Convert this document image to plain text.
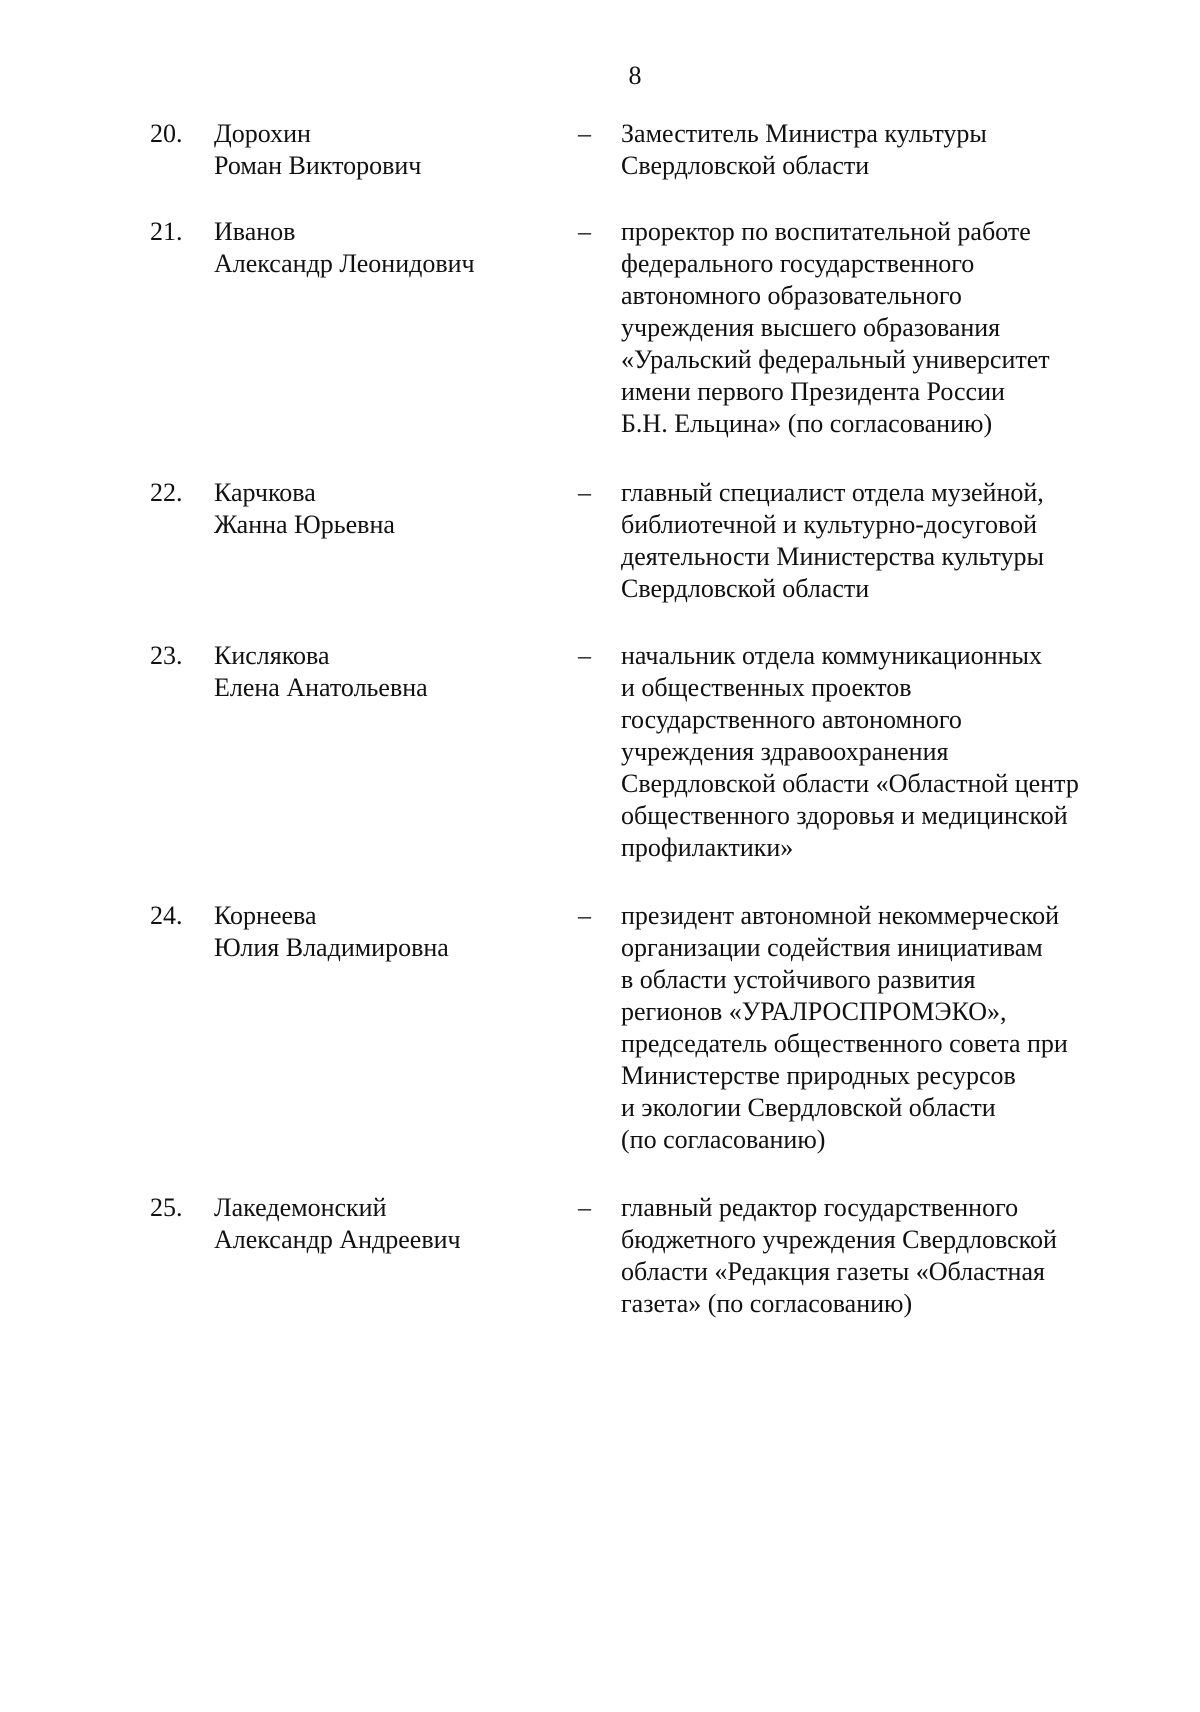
8
20. Дорохин
Роман Викторович
– Заместитель Министра культуры
Свердловской области
21. Иванов
Александр Леонидович
– проректор по воспитательной работе
федерального государственного
автономного образовательного
учреждения высшего образования
«Уральский федеральный университет
имени первого Президента России
Б.Н. Ельцина» (по согласованию)
22. Карчкова
Жанна Юрьевна
– главный специалист отдела музейной,
библиотечной и культурно-досуговой
деятельности Министерства культуры
Свердловской области
23. Кислякова
Елена Анатольевна
– начальник отдела коммуникационных
и общественных проектов
государственного автономного
учреждения здравоохранения
Свердловской области «Областной центр
общественного здоровья и медицинской
профилактики»
24. Корнеева
Юлия Владимировна
– президент автономной некоммерческой
организации содействия инициативам
в области устойчивого развития
регионов «УРАЛРОСПРОМЭКО»,
председатель общественного совета при
Министерстве природных ресурсов
и экологии Свердловской области
(по согласованию)
25. Лакедемонский
Александр Андреевич
– главный редактор государственного
бюджетного учреждения Свердловской
области «Редакция газеты «Областная
газета» (по согласованию)
